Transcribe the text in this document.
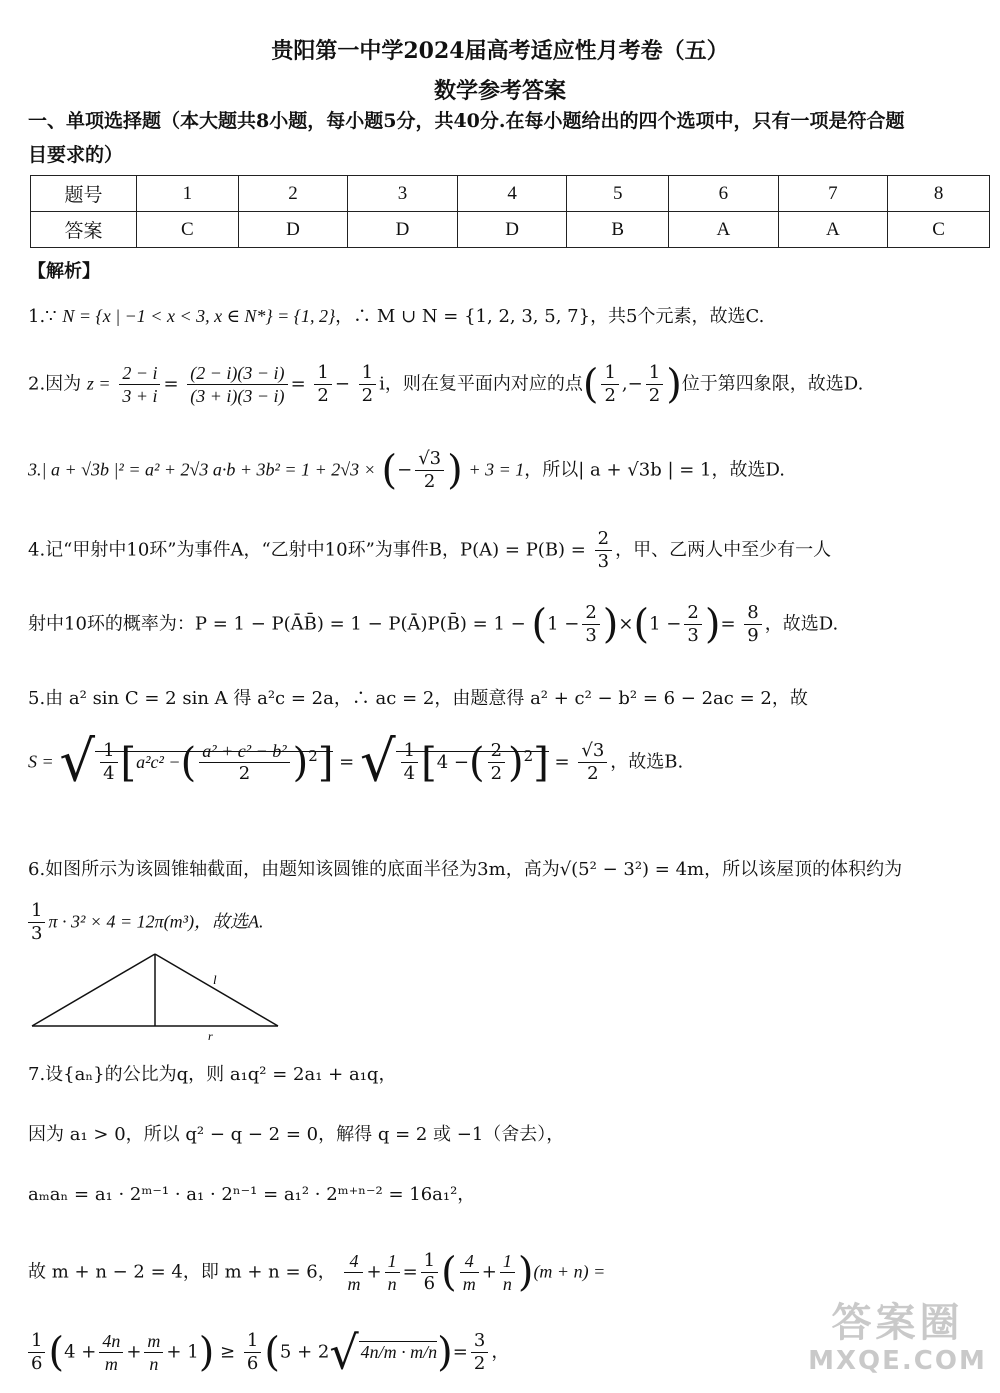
贵阳第一中学2024届高考适应性月考卷（五）
数学参考答案

一、单项选择题（本大题共8小题，每小题5分，共40分.在每小题给出的四个选项中，只有一项是符合题

目要求的）

题号	1	2	3	4	5	6	7	8
答案	C	D	D	D	B	A	A	C

【解析】

1.∵ N = {x | −1 < x < 3, x ∈ N*} = {1, 2}，∴ M ∪ N = {1, 2, 3, 5, 7}，共5个元素，故选C.

2.因为 $z = \frac{2 - i}{3 + i} = \frac{(2 - i)(3 - i)}{(3 + i)(3 - i)} = \frac{1}{2} - \frac{1}{2}$ i，则在复平面内对应的点( $\frac{1}{2}$ ,− $\frac{1}{2}$ )位于第四象限，故选D.

3.| a + √3b |² = a² + 2√3 a·b + 3b² = 1 + 2√3 × (− $\frac{√3}{2}$ ) + 3 = 1，所以| a + √3b | = 1，故选D.

4.记“甲射中10环”为事件A，“乙射中10环”为事件B，$P(A) = P(B) = \frac{2}{3}$ ，甲、乙两人中至少有一人

射中10环的概率为：P = 1 − P(ĀB̄) = 1 − P(Ā)P(B̄) = $1 - (1 - \frac{2}{3} )\times(1 - \frac{2}{3}$ )= $\frac{8}{9}$ ，故选D.

5.由 a² sin C = 2 sin A 得 a²c = 2a，∴ ac = 2，由题意得 a² + c² − b² = 6 − 2ac = 2，故

S = √ $\frac{1}{4} [a^2c^2$ −( $\frac{\text{a² + c² − b²}}{2} )^2$] = √ $\frac{1}{4} [4$ −( $\frac{2}{2} )^2] = \frac{√3}{2}$ ，故选B.

6.如图所示为该圆锥轴截面，由题知该圆锥的底面半径为3m，高为√(5² − 3²) = 4m，所以该屋顶的体积约为

$\frac{1}{3}$ π · 3² × 4 = 12π(m³)，故选A.

l
r

7.设{aₙ}的公比为q，则 a₁q² = 2a₁ + a₁q，

因为 a₁ > 0，所以 q² − q − 2 = 0，解得 q = 2 或 −1（舍去），

aₘaₙ = a₁ · 2ᵐ⁻¹ · a₁ · 2ⁿ⁻¹ = a₁² · 2ᵐ⁺ⁿ⁻² = 16a₁²，

故 m + n − 2 = 4，即 m + n = 6， $\frac{4}{m} + \frac{1}{n} = \frac{1}{6}$ ( $\frac{4}{m} + \frac{1}{n} )(m + n)$ =

$\frac{1}{6} (4 + \frac{4n}{m} + \frac{m}{n} + 1) \ge \frac{1}{6} (5 + 2√$ $4n/m \cdot m/n)= \frac{3}{2}$ ，

答案圈
MXQE.COM
